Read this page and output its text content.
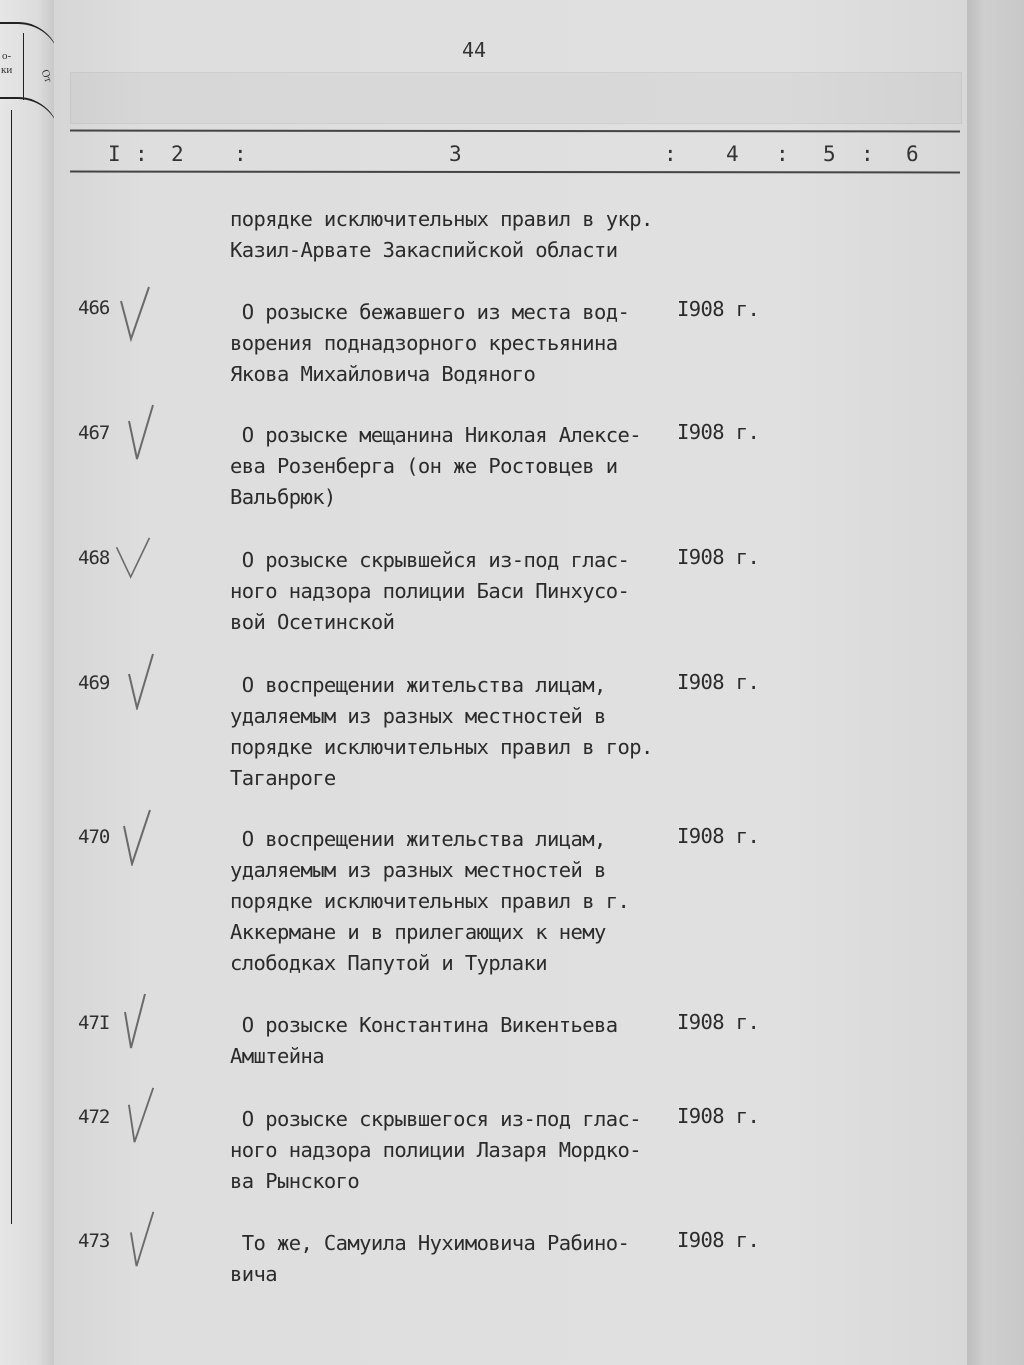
о-
ки От
44
I : 2 :	3	: 4 : 5 : 6
порядке исключительных правил в укр.
Казил-Арвате Закаспийской области
466	О розыске бежавшего из места вод-
ворения поднадзорного крестьянина
Якова Михайловича Водяного
I908 г.
467	О розыске мещанина Николая Алексе-
ева Розенберга (он же Ростовцев и
Вальбрюк)
I908 г.
468	О розыске скрывшейся из-под глас-
ного надзора полиции Баси Пинхусо-
вой Осетинской
I908 г.
469	О воспрещении жительства лицам,
удаляемым из разных местностей в
порядке исключительных правил в гор.
Таганроге
I908 г.
470	О воспрещении жительства лицам,
удаляемым из разных местностей в
порядке исключительных правил в г.
Аккермане и в прилегающих к нему
слободках Папутой и Турлаки
I908 г.
47I	О розыске Константина Викентьева
Амштейна
I908 г.
472	О розыске скрывшегося из-под глас-
ного надзора полиции Лазаря Мордко-
ва Рынского
I908 г.
473	То же, Самуила Нухимовича Рабино-
вича
I908 г.
